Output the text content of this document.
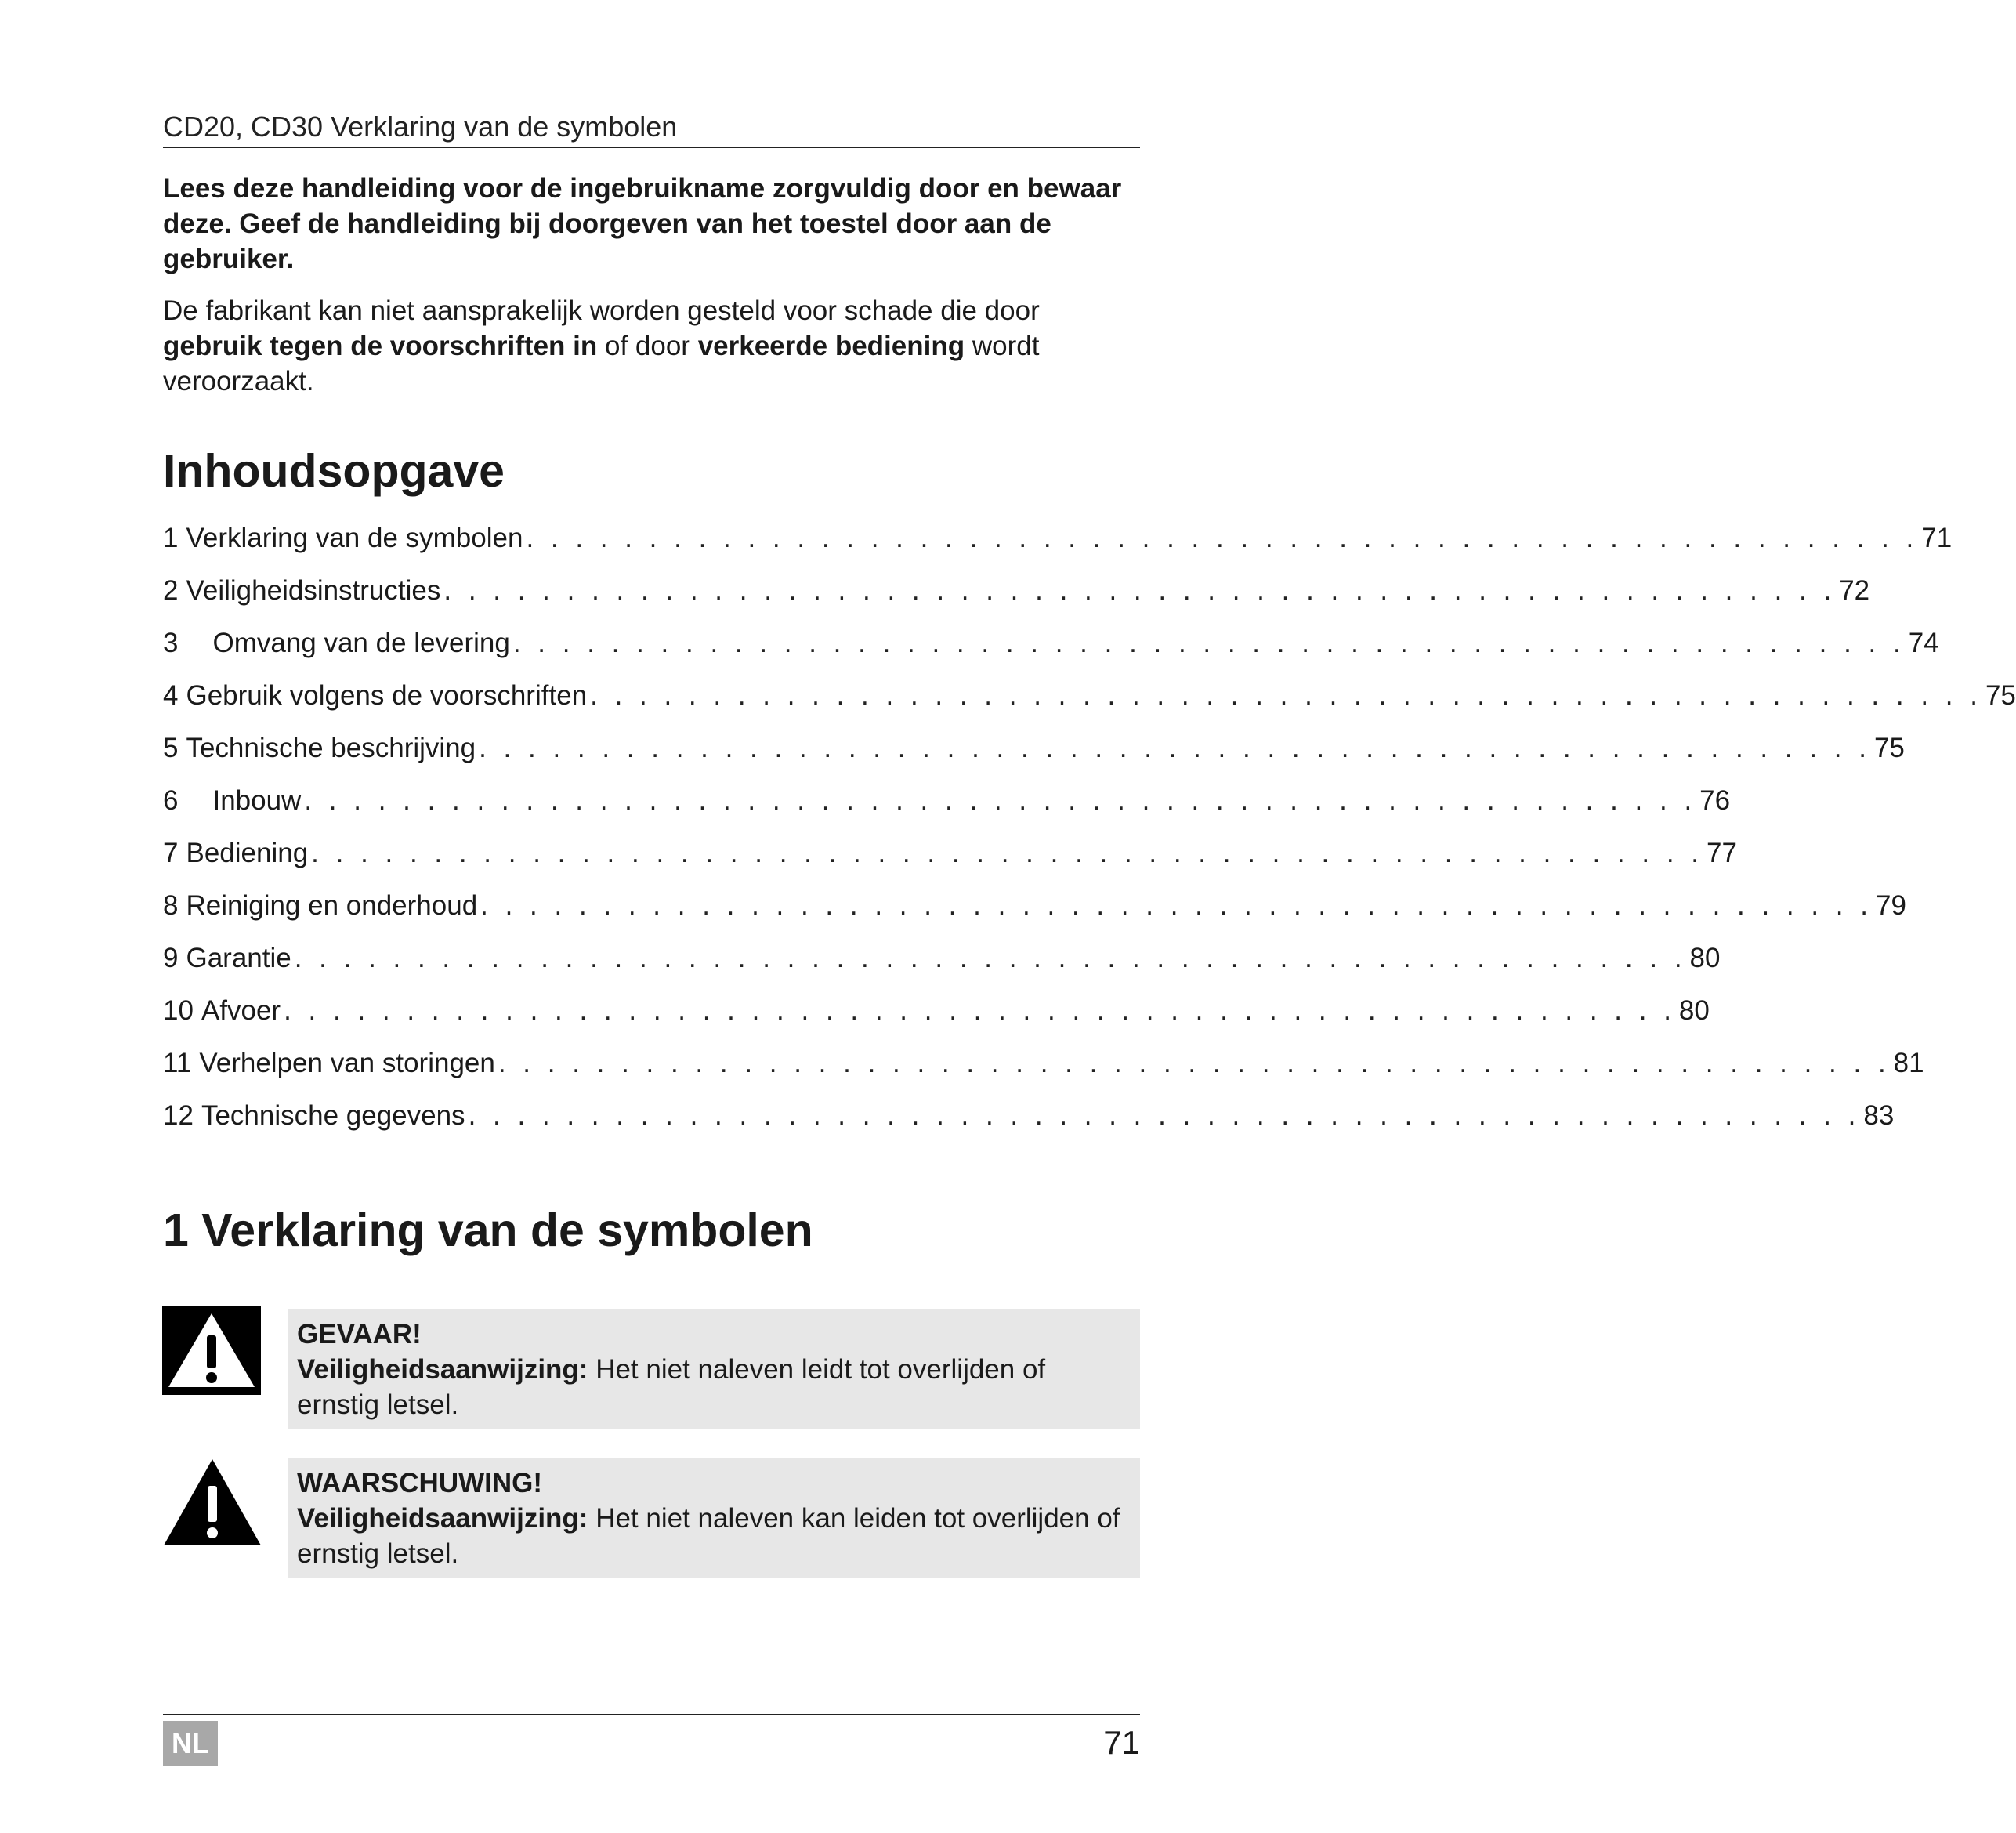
CD20, CD30 Verklaring van de symbolen
Lees deze handleiding voor de ingebruikname zorgvuldig door en bewaar deze. Geef de handleiding bij doorgeven van het toestel door aan de gebruiker.
De fabrikant kan niet aansprakelijk worden gesteld voor schade die door gebruik tegen de voorschriften in of door verkeerde bediening wordt veroorzaakt.
Inhoudsopgave
1 Verklaring van de symbolen . . . . . . . . . . . . . . . . . . . . . . . . . . . . . . . . . . . . . . . . . . . . . . . . . . . . . . . . . 71
2 Veiligheidsinstructies . . . . . . . . . . . . . . . . . . . . . . . . . . . . . . . . . . . . . . . . . . . . . . . . . . . . . . . . . 72
3	Omvang van de levering . . . . . . . . . . . . . . . . . . . . . . . . . . . . . . . . . . . . . . . . . . . . . . . . . . . . . . . . . 74
4 Gebruik volgens de voorschriften . . . . . . . . . . . . . . . . . . . . . . . . . . . . . . . . . . . . . . . . . . . . . . . . . . . . . . . . . 75
5 Technische beschrijving . . . . . . . . . . . . . . . . . . . . . . . . . . . . . . . . . . . . . . . . . . . . . . . . . . . . . . . . . 75
6	Inbouw . . . . . . . . . . . . . . . . . . . . . . . . . . . . . . . . . . . . . . . . . . . . . . . . . . . . . . . . . 76
7 Bediening . . . . . . . . . . . . . . . . . . . . . . . . . . . . . . . . . . . . . . . . . . . . . . . . . . . . . . . . . 77
8 Reiniging en onderhoud . . . . . . . . . . . . . . . . . . . . . . . . . . . . . . . . . . . . . . . . . . . . . . . . . . . . . . . . . 79
9 Garantie . . . . . . . . . . . . . . . . . . . . . . . . . . . . . . . . . . . . . . . . . . . . . . . . . . . . . . . . . 80
10 Afvoer . . . . . . . . . . . . . . . . . . . . . . . . . . . . . . . . . . . . . . . . . . . . . . . . . . . . . . . . . 80
11 Verhelpen van storingen . . . . . . . . . . . . . . . . . . . . . . . . . . . . . . . . . . . . . . . . . . . . . . . . . . . . . . . . . 81
12 Technische gegevens . . . . . . . . . . . . . . . . . . . . . . . . . . . . . . . . . . . . . . . . . . . . . . . . . . . . . . . . . 83
1 Verklaring van de symbolen
GEVAAR!
Veiligheidsaanwijzing: Het niet naleven leidt tot overlijden of ernstig letsel.
WAARSCHUWING!
Veiligheidsaanwijzing: Het niet naleven kan leiden tot overlijden of ernstig letsel.
NL	71
